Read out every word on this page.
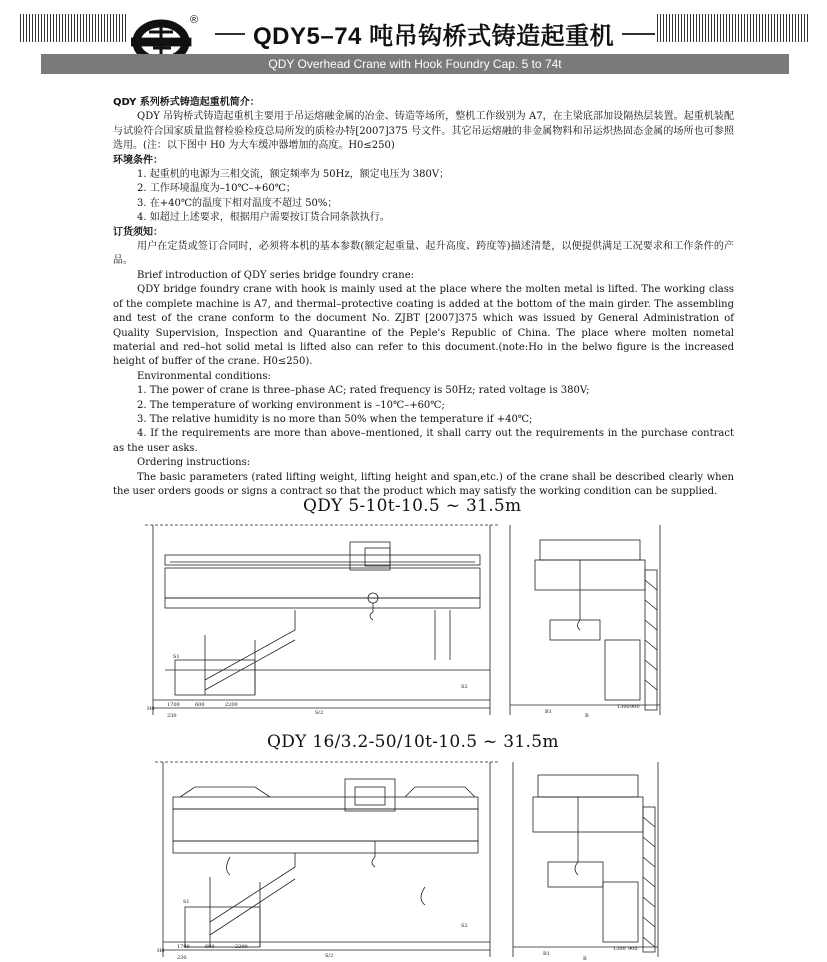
®
QDY5–74 吨吊钩桥式铸造起重机
QDY Overhead Crane with Hook Foundry Cap. 5 to 74t

QDY 系列桥式铸造起重机简介：

QDY 吊钩桥式铸造起重机主要用于吊运熔融金属的冶金、铸造等场所，整机工作级别为 A7，在主梁底部加设隔热层装置。起重机装配与试验符合国家质量监督检验检疫总局所发的质检办特[2007]375 号文件。其它吊运熔融的非金属物料和吊运炽热固态金属的场所也可参照选用。(注：以下图中 H0 为大车缓冲器增加的高度。H0≤250)

环境条件：

1. 起重机的电源为三相交流，额定频率为 50Hz，额定电压为 380V；

2. 工作环境温度为–10℃–+60℃；

3. 在+40℃的温度下相对温度不超过 50%；

4. 如超过上述要求，根据用户需要按订货合同条款执行。

订货须知：

用户在定货或签订合同时，必须将本机的基本参数(额定起重量、起升高度、跨度等)描述清楚，以便提供满足工况要求和工作条件的产品。

Brief introduction of QDY series bridge foundry crane:

QDY bridge foundry crane with hook is mainly used at the place where the molten metal is lifted. The working class of the complete machine is A7, and thermal–protective coating is added at the bottom of the main girder. The assembling and test of the crane conform to the document No. ZJBT [2007]375 which was issued by General Administration of Quality Supervision, Inspection and Quarantine of the Peple's Republic of China. The place where molten nometal material and red–hot solid metal is lifted also can refer to this document.(note:Ho in the belwo figure is the increased height of buffer of the crane. H0≤250).

Environmental conditions:

1. The power of crane is three–phase AC; rated frequency is 50Hz; rated voltage is 380V;

2. The temperature of working environment is –10℃–+60℃;

3. The relative humidity is no more than 50% when the temperature if +40℃;

4. If the requirements are more than above–mentioned, it shall carry out the requirements in the purchase contract as the user asks.

Ordering instructions:

The basic parameters (rated lifting weight, lifting height and span,etc.) of the crane shall be described clearly when the user orders goods or signs a contract so that the product which may satisfy the working condition can be supplied.

QDY 5-10t-10.5 ~ 31.5m
1700	600	2200
S/2
S1
S2
H0
230
B1
1300 900
B
QDY 16/3.2-50/10t-10.5 ~ 31.5m
1700	600	2200
S/2
S1
S2
H0
230
B1
1300 900
B
